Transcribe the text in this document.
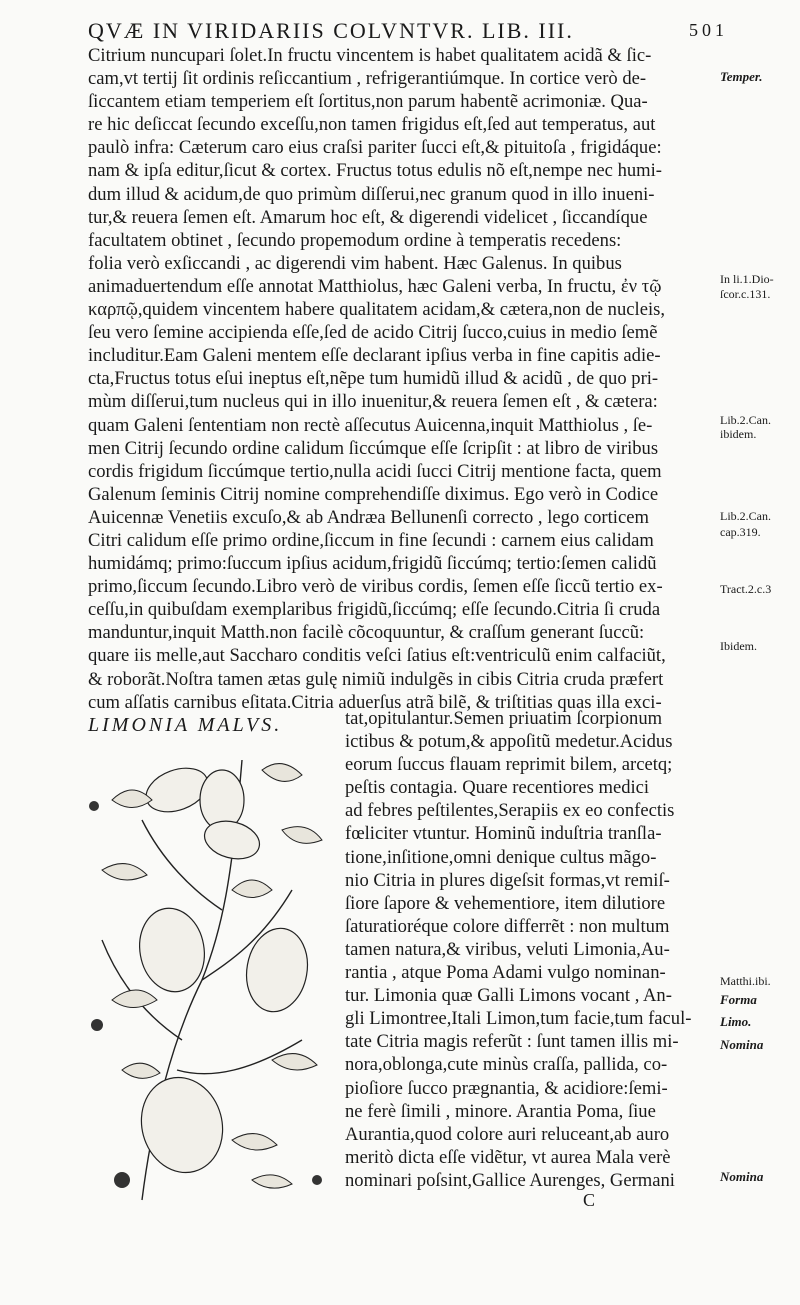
QVÆ IN VIRIDARIIS COLVNTVR. LIB. III.	501
Citrium nuncupari ſolet.In fructu vincentem is habet qualitatem acidã & ſic-
cam,vt tertij ſit ordinis reſiccantium , refrigerantiúmque. In cortice verò de-
ſiccantem etiam temperiem eſt ſortitus,non parum habentẽ acrimoniæ. Qua-
re hic deſiccat ſecundo exceſſu,non tamen frigidus eſt,ſed aut temperatus, aut
paulò infra: Cæterum caro eius craſsi pariter ſucci eſt,& pituitoſa , frigidáque:
nam & ipſa editur,ſicut & cortex. Fructus totus edulis nõ eſt,nempe nec humi-
dum illud & acidum,de quo primùm diſſerui,nec granum quod in illo inueni-
tur,& reuera ſemen eſt. Amarum hoc eſt, & digerendi videlicet , ſiccandíque
facultatem obtinet , ſecundo propemodum ordine à temperatis recedens:
folia verò exſiccandi , ac digerendi vim habent. Hæc Galenus. In quibus
animaduertendum eſſe annotat Matthiolus, hæc Galeni verba, In fructu, ἐν τῷ
καρπῷ,quidem vincentem habere qualitatem acidam,& cætera,non de nucleis,
ſeu vero ſemine accipienda eſſe,ſed de acido Citrij ſucco,cuius in medio ſemẽ
includitur.Eam Galeni mentem eſſe declarant ipſius verba in fine capitis adie-
cta,Fructus totus eſui ineptus eſt,nẽpe tum humidũ illud & acidũ , de quo pri-
mùm diſſerui,tum nucleus qui in illo inuenitur,& reuera ſemen eſt , & cætera:
quam Galeni ſententiam non rectè aſſecutus Auicenna,inquit Matthiolus , ſe-
men Citrij ſecundo ordine calidum ſiccúmque eſſe ſcripſit : at libro de viribus
cordis frigidum ſiccúmque tertio,nulla acidi ſucci Citrij mentione facta, quem
Galenum ſeminis Citrij nomine comprehendiſſe diximus. Ego verò in Codice
Auicennæ Venetiis excuſo,& ab Andræa Bellunenſi correcto , lego corticem
Citri calidum eſſe primo ordine,ſiccum in fine ſecundi : carnem eius calidam
humidámq; primo:ſuccum ipſius acidum,frigidũ ſiccúmq; tertio:ſemen calidũ
primo,ſiccum ſecundo.Libro verò de viribus cordis, ſemen eſſe ſiccũ tertio ex-
ceſſu,in quibuſdam exemplaribus frigidũ,ſiccúmq; eſſe ſecundo.Citria ſi cruda
manduntur,inquit Matth.non facilè cõcoquuntur, & craſſum generant ſuccũ:
quare iis melle,aut Saccharo conditis veſci ſatius eſt:ventriculũ enim calfaciũt,
& roborãt.Noſtra tamen ætas gulę nimiũ indulgẽs in cibis Citria cruda præfert
cum aſſatis carnibus eſitata.Citria aduerſus atrã bilẽ, & triſtitias quas illa exci-
Temper.
In li.1.Dio-
ſcor.c.131.
Lib.2.Can.
ibidem.
Lib.2.Can.
cap.319.
Tract.2.c.3
Ibidem.
Matthi.ibi.
Forma
Limo.
Nomina
Nomina
LIMONIA MALVS.	tat,opitulantur.Semen priuatim ſcorpionum
ictibus & potum,& appoſitũ medetur.Acidus
eorum ſuccus flauam reprimit bilem, arcetq;
peſtis contagia. Quare recentiores medici
ad febres peſtilentes,Serapiis ex eo confectis
fœliciter vtuntur. Hominũ induſtria tranſla-
tione,inſitione,omni denique cultus mãgo-
nio Citria in plures digeſsit formas,vt remiſ-
ſiore ſapore & vehementiore, item dilutiore
ſaturatioréque colore differrẽt : non multum
tamen natura,& viribus, veluti Limonia,Au-
rantia , atque Poma Adami vulgo nominan-
tur. Limonia quæ Galli Limons vocant , An-
gli Limontree,Itali Limon,tum facie,tum facul-
tate Citria magis referũt : ſunt tamen illis mi-
nora,oblonga,cute minùs craſſa, pallida, co-
pioſiore ſucco prægnantia, & acidiore:ſemi-
ne ferè ſimili , minore. Arantia Poma, ſiue
Aurantia,quod colore auri reluceant,ab auro
meritò dicta eſſe vidẽtur, vt aurea Mala verè
nominari poſsint,Gallice Aurenges, Germani
C
